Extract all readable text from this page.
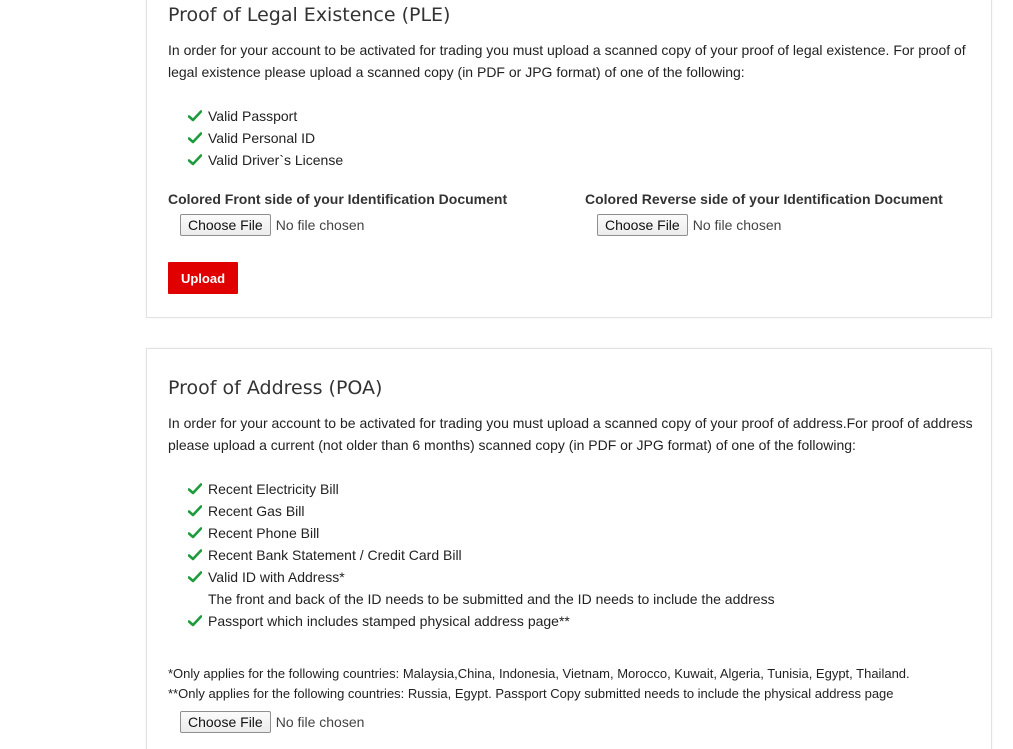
Proof of Legal Existence (PLE)

In order for your account to be activated for trading you must upload a scanned copy of your proof of legal existence. For proof of legal existence please upload a scanned copy (in PDF or JPG format) of one of the following:

Valid Passport
Valid Personal ID
Valid Driver`s License

Colored Front side of your Identification Document

Choose File No file chosen

Colored Reverse side of your Identification Document

Choose File No file chosen
Upload
Proof of Address (POA)

In order for your account to be activated for trading you must upload a scanned copy of your proof of address.For proof of address please upload a current (not older than 6 months) scanned copy (in PDF or JPG format) of one of the following:

Recent Electricity Bill
Recent Gas Bill
Recent Phone Bill
Recent Bank Statement / Credit Card Bill
Valid ID with Address*
The front and back of the ID needs to be submitted and the ID needs to include the address
Passport which includes stamped physical address page**

*Only applies for the following countries: Malaysia,China, Indonesia, Vietnam, Morocco, Kuwait, Algeria, Tunisia, Egypt, Thailand.

**Only applies for the following countries: Russia, Egypt. Passport Copy submitted needs to include the physical address page

Choose File No file chosen
